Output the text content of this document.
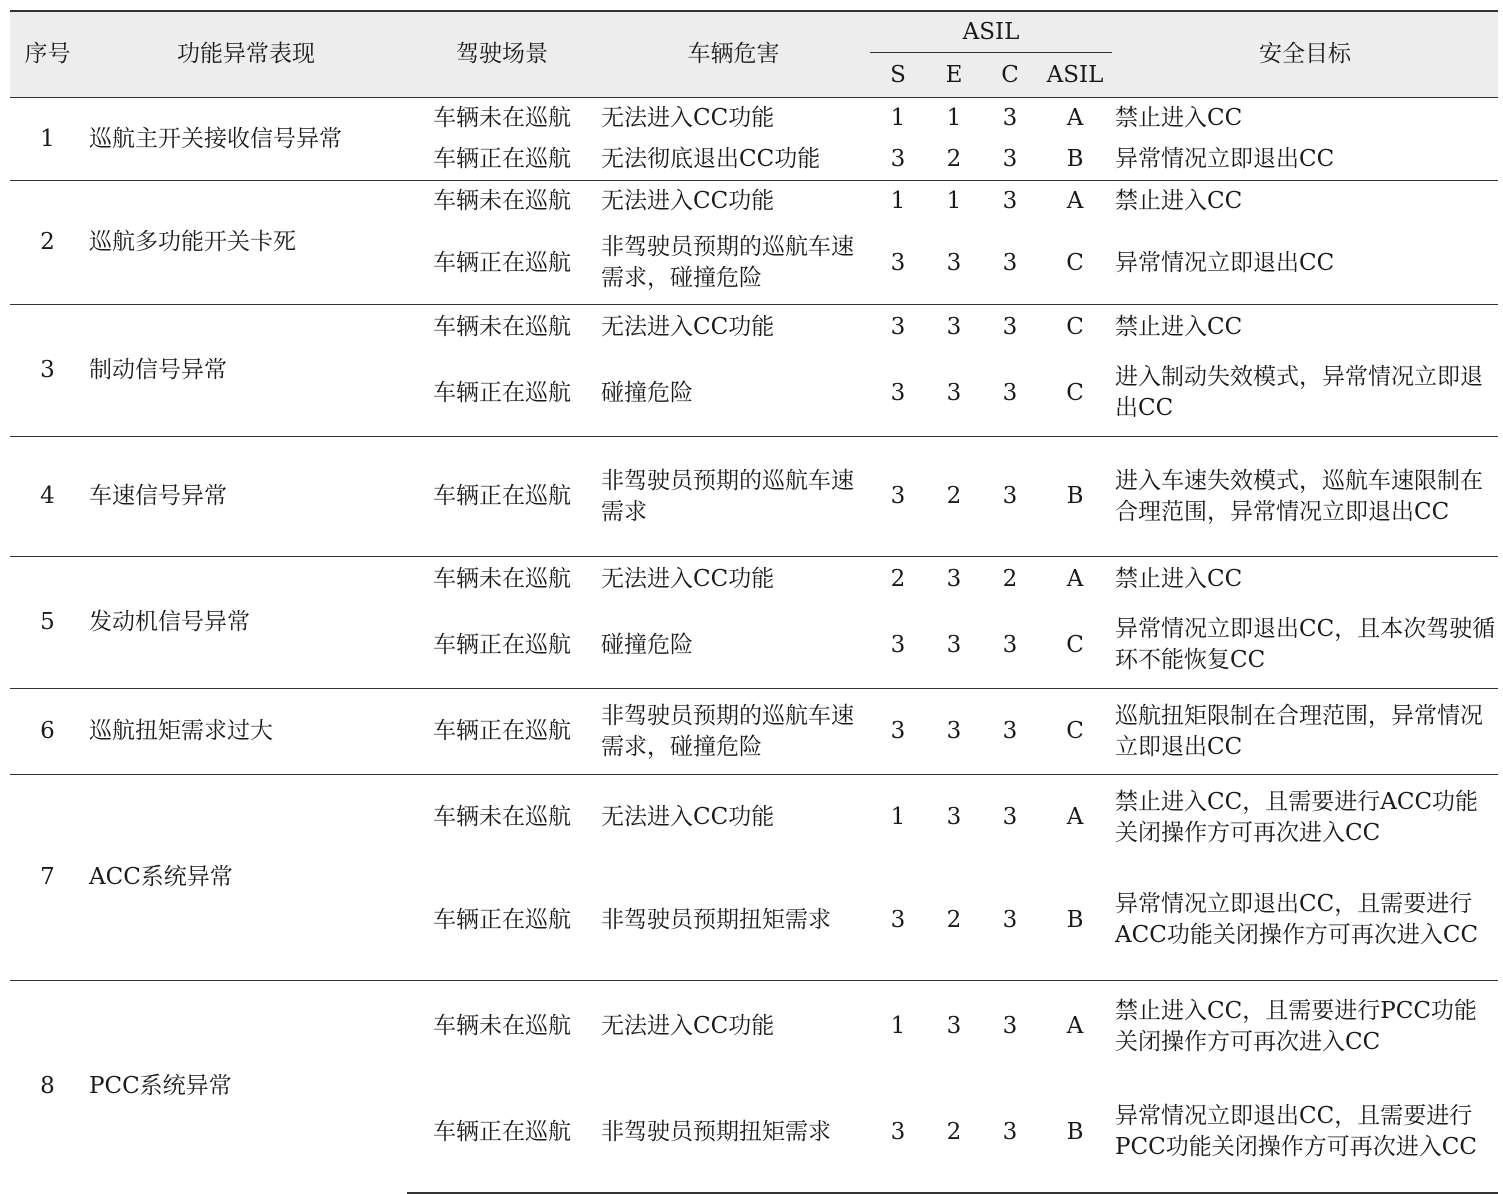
序号	功能异常表现	驾驶场景	车辆危害	ASIL				安全目标
				S	E	C	ASIL	
1	巡航主开关接收信号异常	车辆未在巡航	无法进入CC功能	1	1	3	A	禁止进入CC
		车辆正在巡航	无法彻底退出CC功能	3	2	3	B	异常情况立即退出CC
2	巡航多功能开关卡死	车辆未在巡航	无法进入CC功能	1	1	3	A	禁止进入CC
		车辆正在巡航	非驾驶员预期的巡航车速需求，碰撞危险	3	3	3	C	异常情况立即退出CC
3	制动信号异常	车辆未在巡航	无法进入CC功能	3	3	3	C	禁止进入CC
		车辆正在巡航	碰撞危险	3	3	3	C	进入制动失效模式，异常情况立即退出CC
4	车速信号异常	车辆正在巡航	非驾驶员预期的巡航车速需求	3	2	3	B	进入车速失效模式，巡航车速限制在合理范围，异常情况立即退出CC
5	发动机信号异常	车辆未在巡航	无法进入CC功能	2	3	2	A	禁止进入CC
		车辆正在巡航	碰撞危险	3	3	3	C	异常情况立即退出CC，且本次驾驶循环不能恢复CC
6	巡航扭矩需求过大	车辆正在巡航	非驾驶员预期的巡航车速需求，碰撞危险	3	3	3	C	巡航扭矩限制在合理范围，异常情况立即退出CC
7	ACC系统异常	车辆未在巡航	无法进入CC功能	1	3	3	A	禁止进入CC，且需要进行ACC功能关闭操作方可再次进入CC
		车辆正在巡航	非驾驶员预期扭矩需求	3	2	3	B	异常情况立即退出CC，且需要进行ACC功能关闭操作方可再次进入CC
8	PCC系统异常	车辆未在巡航	无法进入CC功能	1	3	3	A	禁止进入CC，且需要进行PCC功能关闭操作方可再次进入CC
		车辆正在巡航	非驾驶员预期扭矩需求	3	2	3	B	异常情况立即退出CC，且需要进行PCC功能关闭操作方可再次进入CC
